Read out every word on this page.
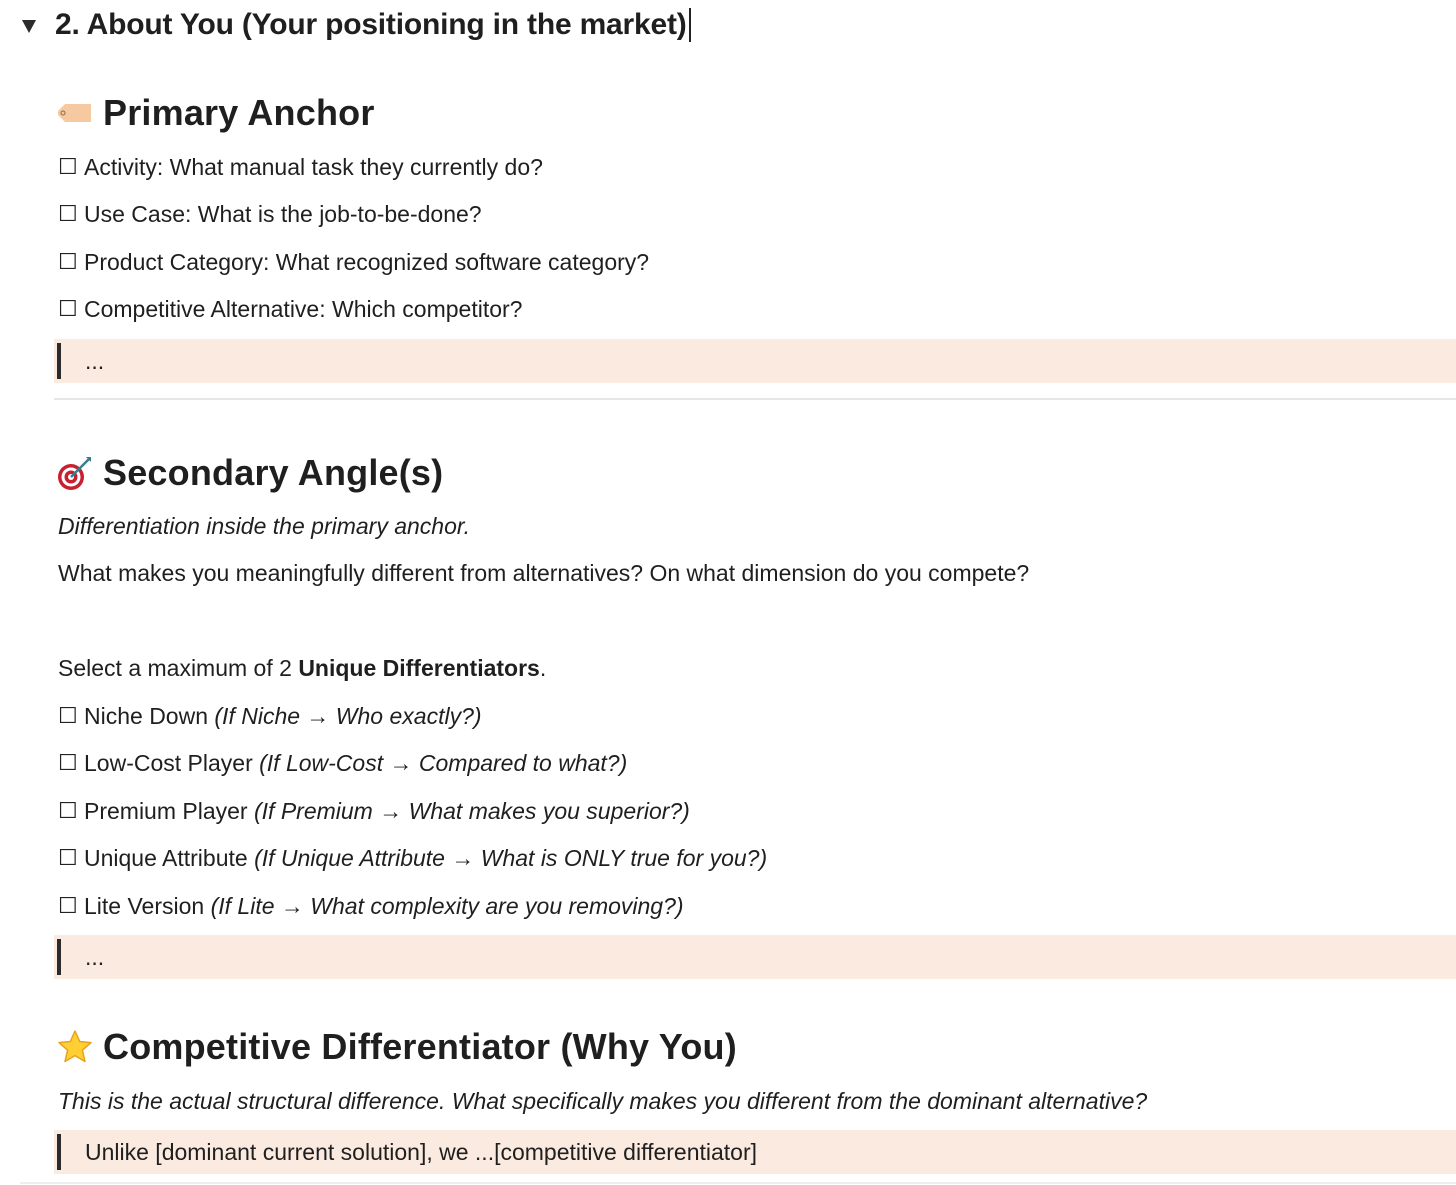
2. About You (Your positioning in the market)
Primary Anchor
☐ Activity: What manual task they currently do?
☐ Use Case: What is the job-to-be-done?
☐ Product Category: What recognized software category?
☐ Competitive Alternative: Which competitor?
...
Secondary Angle(s)
Differentiation inside the primary anchor.
What makes you meaningfully different from alternatives? On what dimension do you compete?
Select a maximum of 2 Unique Differentiators .
☐ Niche Down
(If Niche → Who exactly?)
☐ Low-Cost Player
(If Low-Cost → Compared to what?)
☐ Premium Player
(If Premium → What makes you superior?)
☐ Unique Attribute
(If Unique Attribute → What is ONLY true for you?)
☐ Lite Version
(If Lite → What complexity are you removing?)
...
Competitive Differentiator (Why You)
This is the actual structural difference. What specifically makes you different from the dominant alternative?
Unlike [dominant current solution], we ...[competitive differentiator]
